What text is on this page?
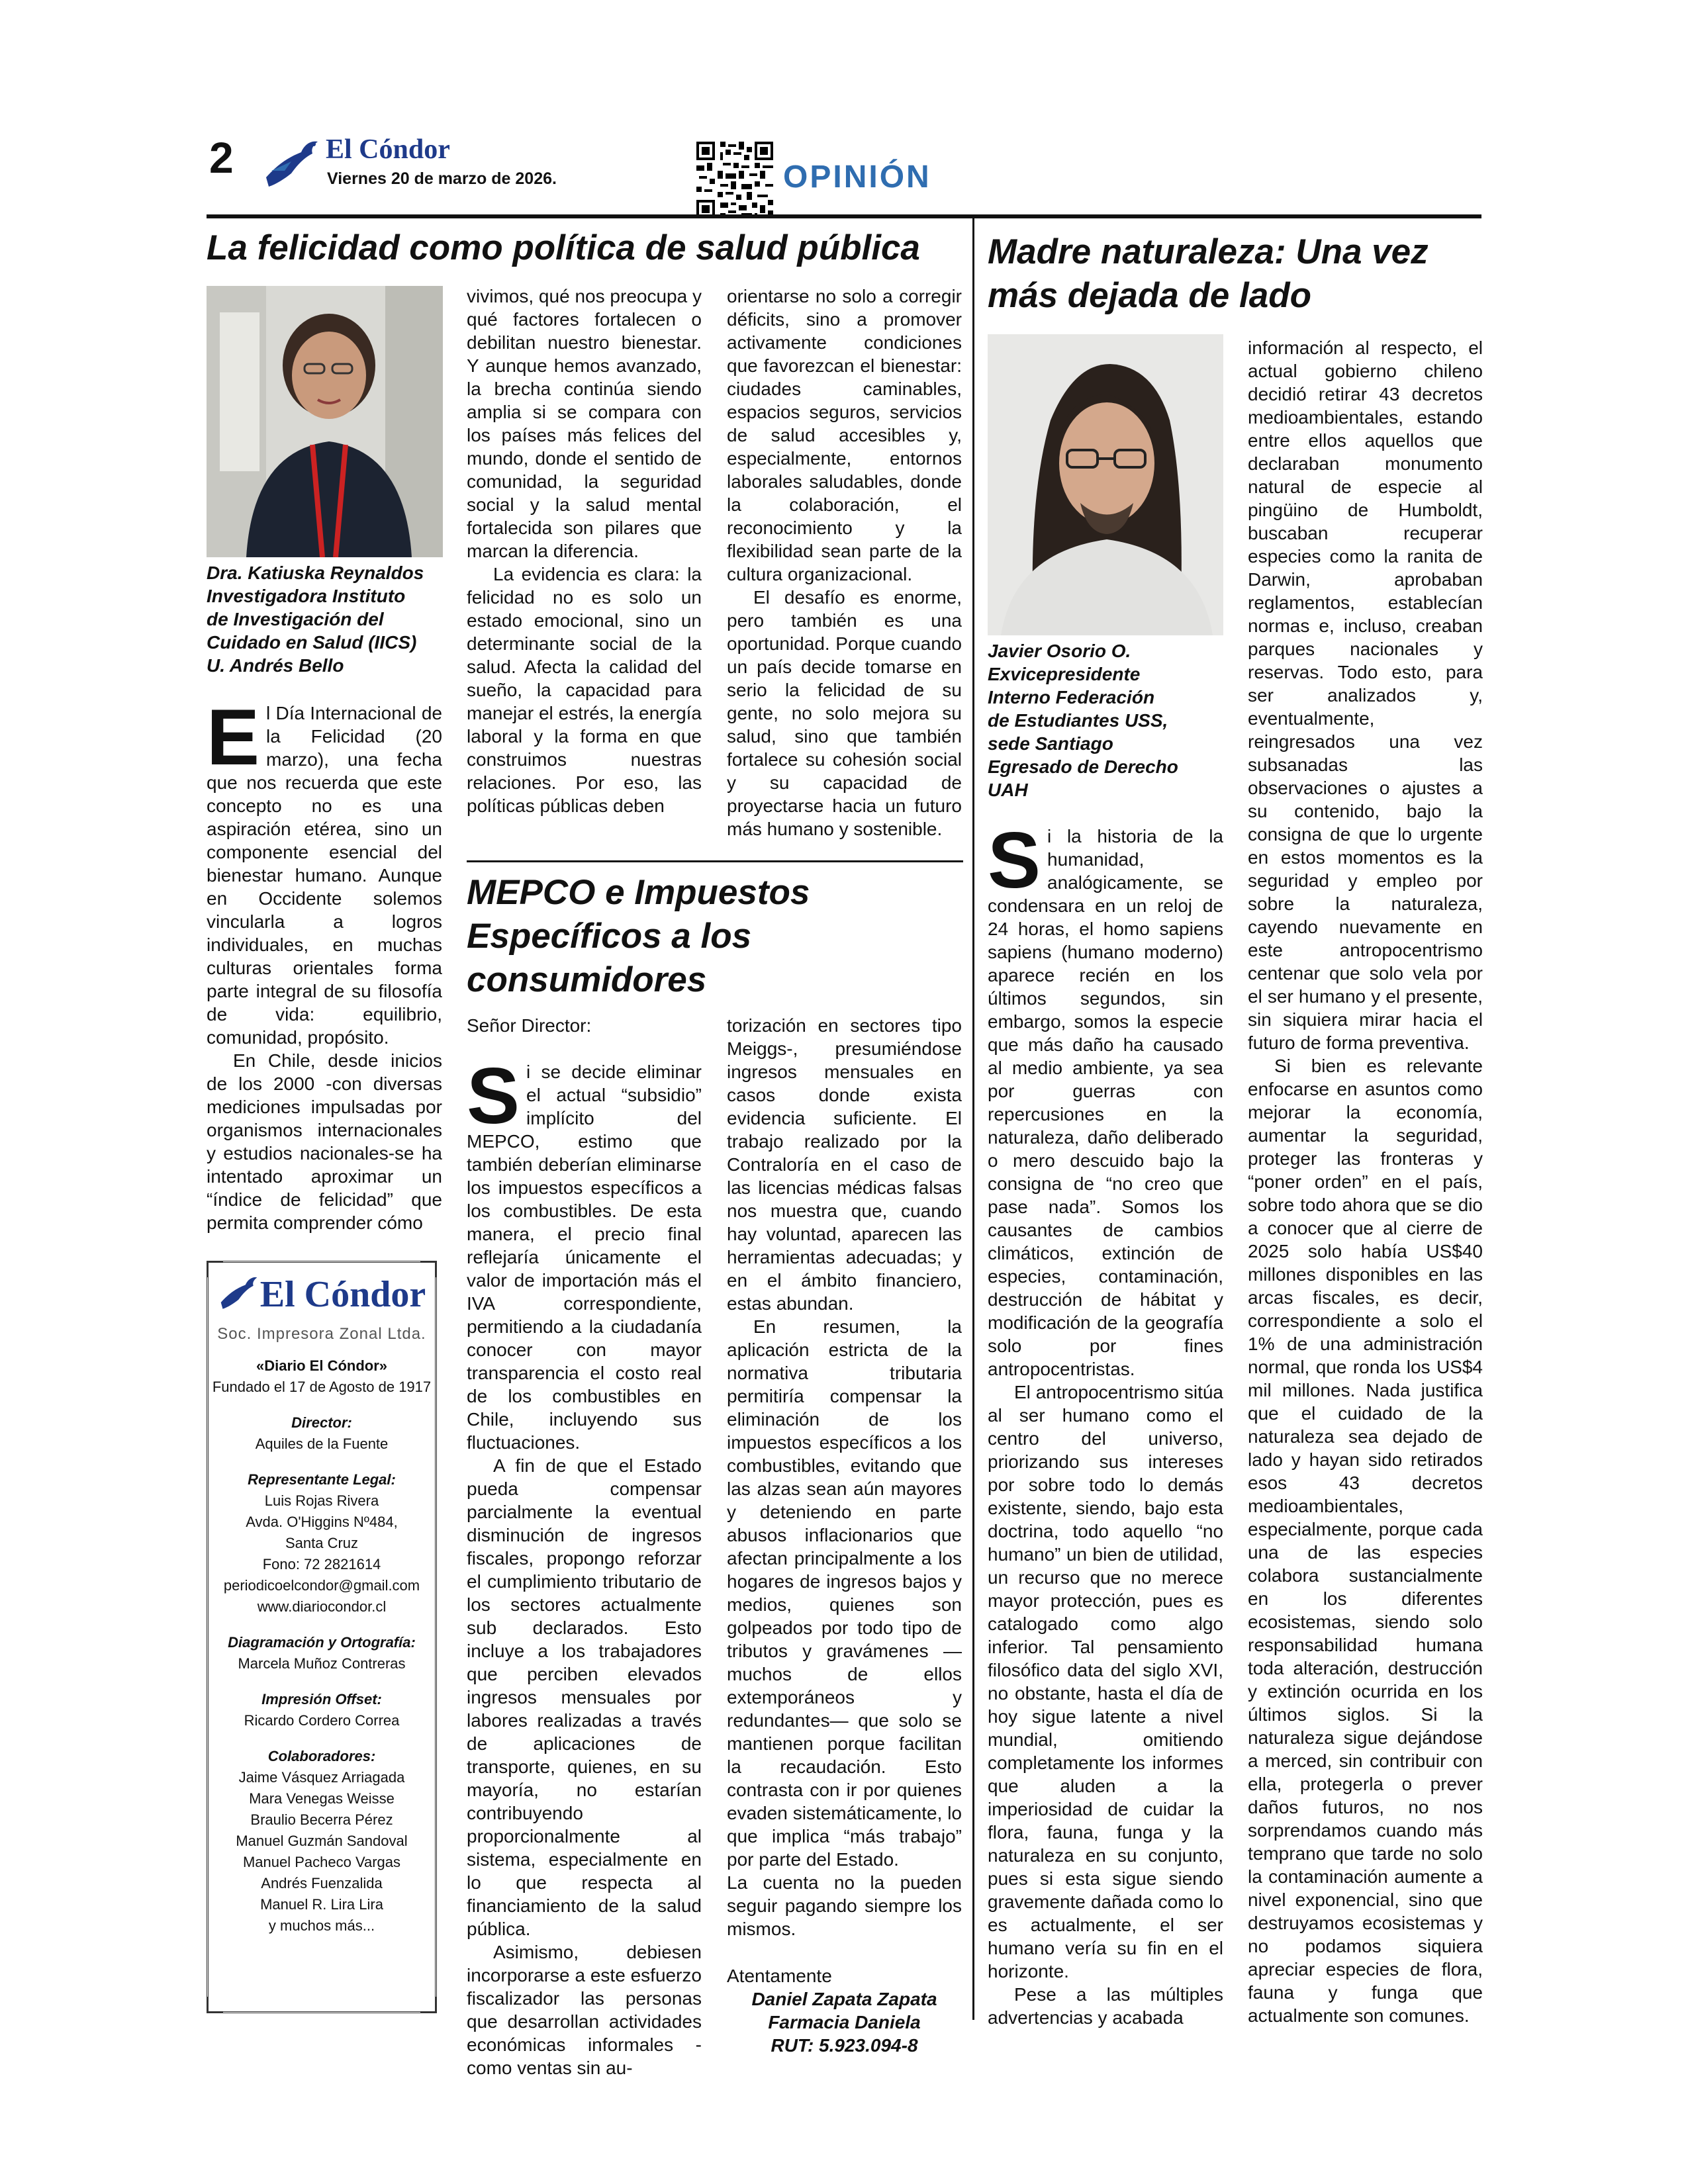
2	El Cóndor
Viernes 20 de marzo de 2026.	OPINIÓN
La felicidad como política de salud pública
Dra. Katiuska Reynaldos
Investigadora Instituto
de Investigación del
Cuidado en Salud (IICS)
U. Andrés Bello

El Día Internacional de la Felicidad (20 marzo), una fecha que nos recuerda que este concepto no es una aspiración etérea, sino un componente esencial del bienestar humano. Aunque en Occidente solemos vincularla a logros individuales, en muchas culturas orientales forma parte integral de su filosofía de vida: equilibrio, comunidad, propósito.

En Chile, desde inicios de los 2000 -con diversas mediciones impulsadas por organismos internacionales y estudios nacionales-se ha intentado aproximar un “índice de felicidad” que permita comprender cómo

vivimos, qué nos preocupa y qué factores fortalecen o debilitan nuestro bienestar. Y aunque hemos avanzado, la brecha continúa siendo amplia si se compara con los países más felices del mundo, donde el sentido de comunidad, la seguridad social y la salud mental fortalecida son pilares que marcan la diferencia.

La evidencia es clara: la felicidad no es solo un estado emocional, sino un determinante social de la salud. Afecta la calidad del sueño, la capacidad para manejar el estrés, la energía laboral y la forma en que construimos nuestras relaciones. Por eso, las políticas públicas deben

orientarse no solo a corregir déficits, sino a promover activamente condiciones que favorezcan el bienestar: ciudades caminables, espacios seguros, servicios de salud accesibles y, especialmente, entornos laborales saludables, donde la colaboración, el reconocimiento y la flexibilidad sean parte de la cultura organizacional.

El desafío es enorme, pero también es una oportunidad. Porque cuando un país decide tomarse en serio la felicidad de su gente, no solo mejora su salud, sino que también fortalece su cohesión social y su capacidad de proyectarse hacia un futuro más humano y sostenible.

El Cóndor
Soc. Impresora Zonal Ltda.
«Diario El Cóndor»
Fundado el 17 de Agosto de 1917
Director:
Aquiles de la Fuente
Representante Legal:
Luis Rojas Rivera
Avda. O'Higgins Nº484,
Santa Cruz
Fono: 72 2821614
periodicoelcondor@gmail.com
www.diariocondor.cl
Diagramación y Ortografía:
Marcela Muñoz Contreras
Impresión Offset:
Ricardo Cordero Correa
Colaboradores:
Jaime Vásquez Arriagada
Mara Venegas Weisse
Braulio Becerra Pérez
Manuel Guzmán Sandoval
Manuel Pacheco Vargas
Andrés Fuenzalida
Manuel R. Lira Lira
y muchos más...
MEPCO e Impuestos Específicos a los consumidores
Señor Director:

Si se decide eliminar el actual “subsidio” implícito del MEPCO, estimo que también deberían eliminarse los impuestos específicos a los combustibles. De esta manera, el precio final reflejaría únicamente el valor de importación más el IVA correspondiente, permitiendo a la ciudadanía conocer con mayor transparencia el costo real de los combustibles en Chile, incluyendo sus fluctuaciones.

A fin de que el Estado pueda compensar parcialmente la eventual disminución de ingresos fiscales, propongo reforzar el cumplimiento tributario de los sectores actualmente sub declarados. Esto incluye a los trabajadores que perciben elevados ingresos mensuales por labores realizadas a través de aplicaciones de transporte, quienes, en su mayoría, no estarían contribuyendo proporcionalmente al sistema, especialmente en lo que respecta al financiamiento de la salud pública.

Asimismo, debiesen incorporarse a este esfuerzo fiscalizador las personas que desarrollan actividades económicas informales -como ventas sin au-

torización en sectores tipo Meiggs-, presumiéndose ingresos mensuales en casos donde exista evidencia suficiente. El trabajo realizado por la Contraloría en el caso de las licencias médicas falsas nos muestra que, cuando hay voluntad, aparecen las herramientas adecuadas; y en el ámbito financiero, estas abundan.

En resumen, la aplicación estricta de la normativa tributaria permitiría compensar la eliminación de los impuestos específicos a los combustibles, evitando que las alzas sean aún mayores y deteniendo en parte abusos inflacionarios que afectan principalmente a los hogares de ingresos bajos y medios, quienes son golpeados por todo tipo de tributos y gravámenes —muchos de ellos extemporáneos y redundantes— que solo se mantienen porque facilitan la recaudación. Esto contrasta con ir por quienes evaden sistemáticamente, lo que implica “más trabajo” por parte del Estado.

La cuenta no la pueden seguir pagando siempre los mismos.

Atentamente

Daniel Zapata Zapata
Farmacia Daniela
RUT: 5.923.094-8
Madre naturaleza: Una vez más dejada de lado
Javier Osorio O.
Exvicepresidente
Interno Federación
de Estudiantes USS,
sede Santiago
Egresado de Derecho
UAH

Si la historia de la humanidad, analógicamente, se condensara en un reloj de 24 horas, el homo sapiens sapiens (humano moderno) aparece recién en los últimos segundos, sin embargo, somos la especie que más daño ha causado al medio ambiente, ya sea por guerras con repercusiones en la naturaleza, daño deliberado o mero descuido bajo la consigna de “no creo que pase nada”. Somos los causantes de cambios climáticos, extinción de especies, contaminación, destrucción de hábitat y modificación de la geografía solo por fines antropocentristas.

El antropocentrismo sitúa al ser humano como el centro del universo, priorizando sus intereses por sobre todo lo demás existente, siendo, bajo esta doctrina, todo aquello “no humano” un bien de utilidad, un recurso que no merece mayor protección, pues es catalogado como algo inferior. Tal pensamiento filosófico data del siglo XVI, no obstante, hasta el día de hoy sigue latente a nivel mundial, omitiendo completamente los informes que aluden a la imperiosidad de cuidar la flora, fauna, funga y la naturaleza en su conjunto, pues si esta sigue siendo gravemente dañada como lo es actualmente, el ser humano vería su fin en el horizonte.

Pese a las múltiples advertencias y acabada

información al respecto, el actual gobierno chileno decidió retirar 43 decretos medioambientales, estando entre ellos aquellos que declaraban monumento natural de especie al pingüino de Humboldt, buscaban recuperar especies como la ranita de Darwin, aprobaban reglamentos, establecían normas e, incluso, creaban parques nacionales y reservas. Todo esto, para ser analizados y, eventualmente, reingresados una vez subsanadas las observaciones o ajustes a su contenido, bajo la consigna de que lo urgente en estos momentos es la seguridad y empleo por sobre la naturaleza, cayendo nuevamente en este antropocentrismo centenar que solo vela por el ser humano y el presente, sin siquiera mirar hacia el futuro de forma preventiva.

Si bien es relevante enfocarse en asuntos como mejorar la economía, aumentar la seguridad, proteger las fronteras y “poner orden” en el país, sobre todo ahora que se dio a conocer que al cierre de 2025 solo había US$40 millones disponibles en las arcas fiscales, es decir, correspondiente a solo el 1% de una administración normal, que ronda los US$4 mil millones. Nada justifica que el cuidado de la naturaleza sea dejado de lado y hayan sido retirados esos 43 decretos medioambientales, especialmente, porque cada una de las especies colabora sustancialmente en los diferentes ecosistemas, siendo solo responsabilidad humana toda alteración, destrucción y extinción ocurrida en los últimos siglos. Si la naturaleza sigue dejándose a merced, sin contribuir con ella, protegerla o prever daños futuros, no nos sorprendamos cuando más temprano que tarde no solo la contaminación aumente a nivel exponencial, sino que destruyamos ecosistemas y no podamos siquiera apreciar especies de flora, fauna y funga que actualmente son comunes.
